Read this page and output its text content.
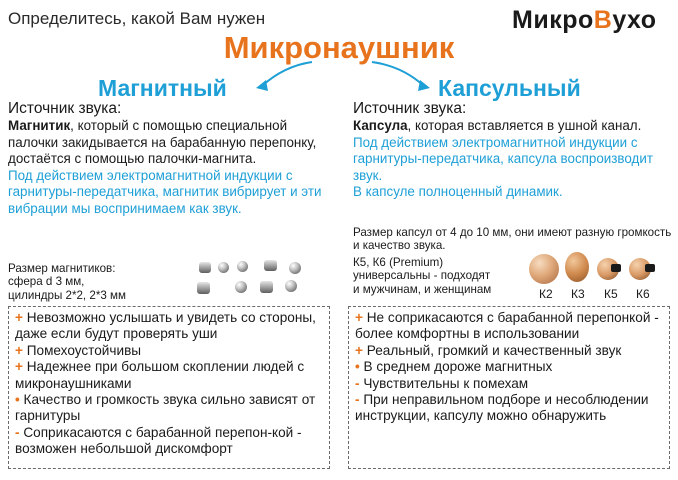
Определитесь, какой Вам нужен	МикроВухо
Микронаушник
Магнитный	Капсульный

Источник звука:

Магнитик, который с помощью специальной палочки закидывается на барабанную перепонку, достаётся с помощью палочки-магнита.

Под действием электромагнитной индукции с гарнитуры-передатчика, магнитик вибрирует и эти вибрации мы воспринимаем как звук.

Размер магнитиков:
сфера d 3 мм,
цилиндры 2*2, 2*3 мм

Источник звука:

Капсула, которая вставляется в ушной канал.

Под действием электромагнитной индукции с гарнитуры-передатчика, капсула воспроизводит звук.

В капсуле полноценный динамик.

Размер капсул от 4 до 10 мм, они имеют разную громкость и качество звука.
К5, К6 (Premium)
универсальны - подходят
и мужчинам, и женщинам	К2 К3 К5 К6
+ Невозможно услышать и увидеть со стороны, даже если будут проверять уши
+ Помехоустойчивы
+ Надежнее при большом скоплении людей с микронаушниками
• Качество и громкость звука сильно зависят от гарнитуры
- Соприкасаются с барабанной перепон-кой - возможен небольшой дискомфорт
+ Не соприкасаются с барабанной перепонкой - более комфортны в использовании
+ Реальный, громкий и качественный звук
• В среднем дороже магнитных
- Чувствительны к помехам
- При неправильном подборе и несоблюдении инструкции, капсулу можно обнаружить
